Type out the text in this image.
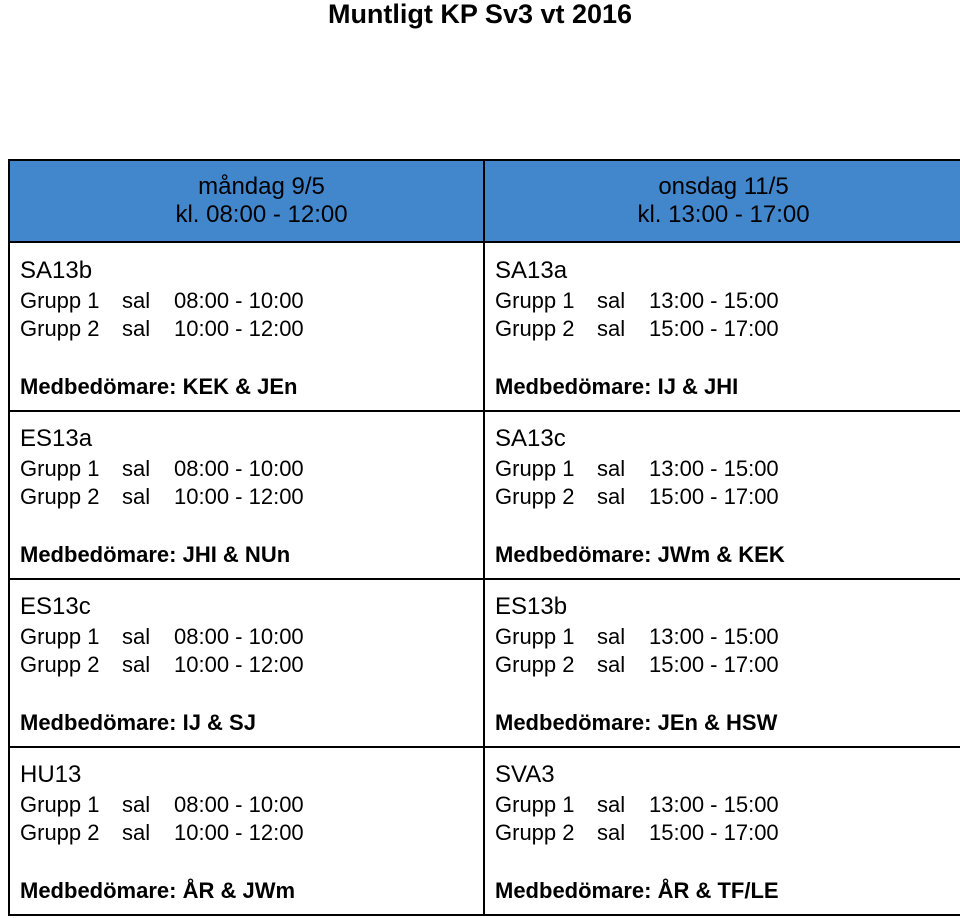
Muntligt KP Sv3 vt 2016
måndag 9/5
kl. 08:00 - 12:00
onsdag 11/5
kl. 13:00 - 17:00
SA13b
Grupp 1 sal 08:00 - 10:00
Grupp 2 sal 10:00 - 12:00
Medbedömare: KEK & JEn
ES13a
Grupp 1 sal 08:00 - 10:00
Grupp 2 sal 10:00 - 12:00
Medbedömare: JHI & NUn
ES13c
Grupp 1 sal 08:00 - 10:00
Grupp 2 sal 10:00 - 12:00
Medbedömare: IJ & SJ
HU13
Grupp 1 sal 08:00 - 10:00
Grupp 2 sal 10:00 - 12:00
Medbedömare: ÅR & JWm
SA13a
Grupp 1 sal 13:00 - 15:00
Grupp 2 sal 15:00 - 17:00
Medbedömare: IJ & JHI
SA13c
Grupp 1 sal 13:00 - 15:00
Grupp 2 sal 15:00 - 17:00
Medbedömare: JWm & KEK
ES13b
Grupp 1 sal 13:00 - 15:00
Grupp 2 sal 15:00 - 17:00
Medbedömare: JEn & HSW
SVA3
Grupp 1 sal 13:00 - 15:00
Grupp 2 sal 15:00 - 17:00
Medbedömare: ÅR & TF/LE
